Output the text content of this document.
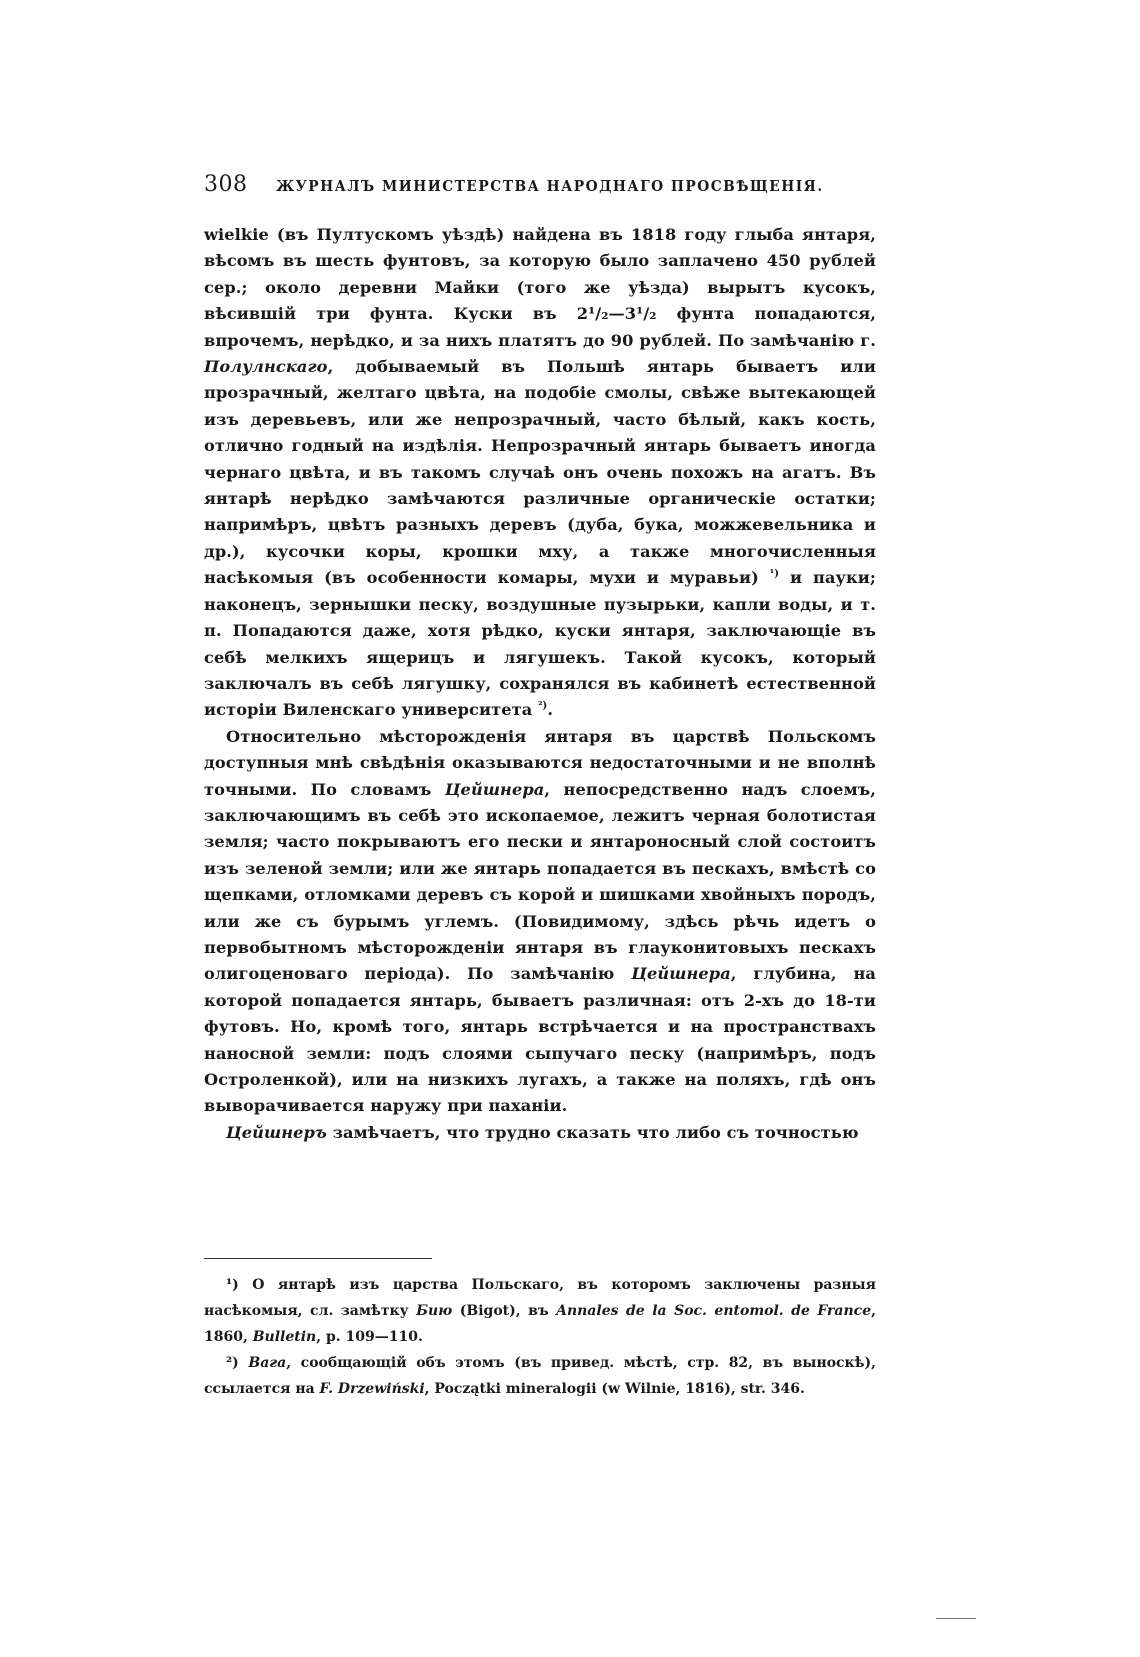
308 ЖУРНАЛЪ МИНИСТЕРСТВА НАРОДНАГО ПРОСВѢЩЕНІЯ.

wielkie (въ Пултускомъ уѣздѣ) найдена въ 1818 году глыба янтаря, вѣсомъ въ шесть фунтовъ, за которую было заплачено 450 рублей сер.; около деревни Майки (того же уѣзда) вырытъ кусокъ, вѣсившій три фунта. Куски въ 2¹/₂—3¹/₂ фунта попадаются, впрочемъ, нерѣдко, и за нихъ платятъ до 90 рублей. По замѣчанію г. Полулнскаго, добываемый въ Польшѣ янтарь бываетъ или прозрачный, желтаго цвѣта, на подобіе смолы, свѣже вытекающей изъ деревьевъ, или же непрозрачный, часто бѣлый, какъ кость, отлично годный на издѣлія. Непрозрачный янтарь бываетъ иногда чернаго цвѣта, и въ такомъ случаѣ онъ очень похожъ на агатъ. Въ янтарѣ нерѣдко замѣчаются различные органическіе остатки; напримѣръ, цвѣтъ разныхъ деревъ (дуба, бука, можжевельника и др.), кусочки коры, крошки мху, а также многочисленныя насѣкомыя (въ особенности комары, мухи и муравьи) $^{^1)}$ и пауки; наконецъ, зернышки песку, воздушные пузырьки, капли воды, и т. п. Попадаются даже, хотя рѣдко, куски янтаря, заключающіе въ себѣ мелкихъ ящерицъ и лягушекъ. Такой кусокъ, который заключалъ въ себѣ лягушку, сохранялся въ кабинетѣ естественной исторіи Виленскаго университета $^{^2)}$.

Относительно мѣсторожденія янтаря въ царствѣ Польскомъ доступныя мнѣ свѣдѣнія оказываются недостаточными и не вполнѣ точными. По словамъ Цейшнера, непосредственно надъ слоемъ, заключающимъ въ себѣ это ископаемое, лежитъ черная болотистая земля; часто покрываютъ его пески и янтароносный слой состоитъ изъ зеленой земли; или же янтарь попадается въ пескахъ, вмѣстѣ со щепками, отломками деревъ съ корой и шишками хвойныхъ породъ, или же съ бурымъ углемъ. (Повидимому, здѣсь рѣчь идетъ о первобытномъ мѣсторожденіи янтаря въ глауконитовыхъ пескахъ олигоценоваго періода). По замѣчанію Цейшнера, глубина, на которой попадается янтарь, бываетъ различная: отъ 2-хъ до 18-ти футовъ. Но, кромѣ того, янтарь встрѣчается и на пространствахъ наносной земли: подъ слоями сыпучаго песку (напримѣръ, подъ Остроленкой), или на низкихъ лугахъ, а также на поляхъ, гдѣ онъ выворачивается наружу при паханіи.

Цейшнеръ замѣчаетъ, что трудно сказать что либо съ точностью

¹) О янтарѣ изъ царства Польскаго, въ которомъ заключены разныя насѣкомыя, сл. замѣтку Бию (Bigot), въ Annales de la Soc. entomol. de France, 1860, Bulletin, p. 109—110.

²) Вага, сообщающій объ этомъ (въ привед. мѣстѣ, стр. 82, въ выноскѣ), ссылается на F. Drzewiński, Początki mineralogii (w Wilnie, 1816), str. 346.
